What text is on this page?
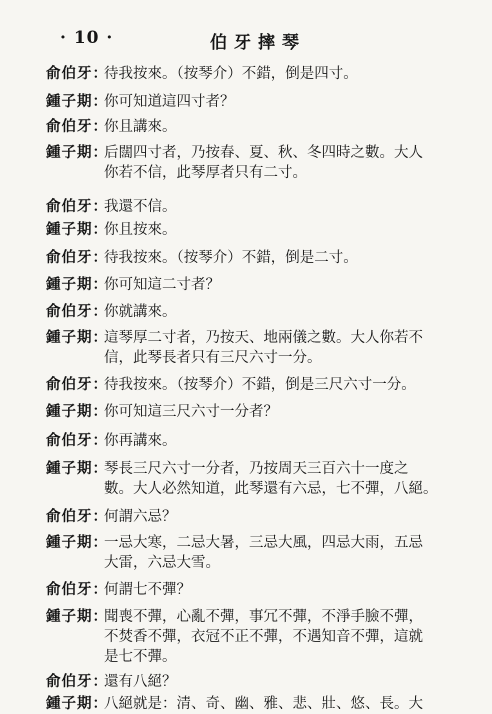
· 10 ·	伯牙摔琴
俞伯牙：待我按來。（按琴介）不錯，倒是四寸。
鍾子期：你可知道這四寸者？
俞伯牙：你且講來。
鍾子期：后闊四寸者，乃按春、夏、秋、冬四時之數。大人
你若不信，此琴厚者只有二寸。
俞伯牙：我還不信。
鍾子期：你且按來。
俞伯牙：待我按來。（按琴介）不錯，倒是二寸。
鍾子期：你可知這二寸者？
俞伯牙：你就講來。
鍾子期：這琴厚二寸者，乃按天、地兩儀之數。大人你若不
信，此琴長者只有三尺六寸一分。
俞伯牙：待我按來。（按琴介）不錯，倒是三尺六寸一分。
鍾子期：你可知這三尺六寸一分者？
俞伯牙：你再講來。
鍾子期：琴長三尺六寸一分者，乃按周天三百六十一度之
數。大人必然知道，此琴還有六忌，七不彈，八絕。
俞伯牙：何謂六忌？
鍾子期：一忌大寒，二忌大暑，三忌大風，四忌大雨，五忌
大雷，六忌大雪。
俞伯牙：何謂七不彈？
鍾子期：聞喪不彈，心亂不彈，事冗不彈，不淨手臉不彈，
不焚香不彈，衣冠不正不彈，不遇知音不彈，這就
是七不彈。
俞伯牙：還有八絕？
鍾子期：八絕就是：清、奇、幽、雅、悲、壯、悠、長。大
